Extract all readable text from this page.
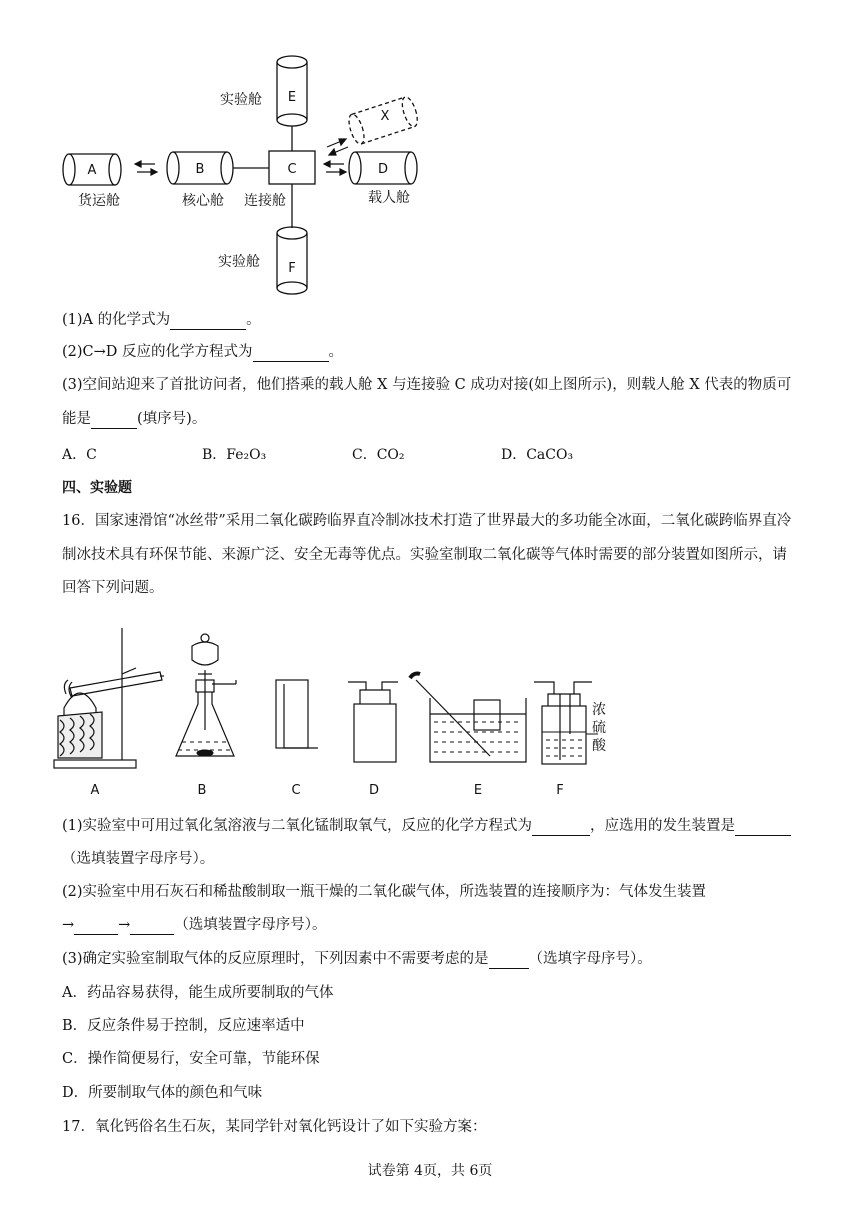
A	B	C	D
E
F
X
货运舱	核心舱 连接舱	载人舱
实验舱
实验舱
(1)A 的化学式为	。
(2)C→D 反应的化学方程式为	。
(3)空间站迎来了首批访问者，他们搭乘的载人舱 X 与连接验 C 成功对接(如上图所示)，则载人舱 X 代表的物质可
能是	(填序号)。
A．C	B．Fe₂O₃	C．CO₂	D．CaCO₃
四、实验题
16．国家速滑馆“冰丝带”采用二氧化碳跨临界直冷制冰技术打造了世界最大的多功能全冰面，二氧化碳跨临界直冷
制冰技术具有环保节能、来源广泛、安全无毒等优点。实验室制取二氧化碳等气体时需要的部分装置如图所示，请
回答下列问题。
A	B	C	D	E	F
浓
硫
酸
(1)实验室中可用过氧化氢溶液与二氧化锰制取氧气，反应的化学方程式为	，应选用的发生装置是
（选填装置字母序号）。
(2)实验室中用石灰石和稀盐酸制取一瓶干燥的二氧化碳气体，所选装置的连接顺序为：气体发生装置
→	→	（选填装置字母序号）。
(3)确定实验室制取气体的反应原理时，下列因素中不需要考虑的是	（选填字母序号）。
A．药品容易获得，能生成所要制取的气体
B．反应条件易于控制，反应速率适中
C．操作简便易行，安全可靠，节能环保
D．所要制取气体的颜色和气味
17．氧化钙俗名生石灰，某同学针对氧化钙设计了如下实验方案：
试卷第 4页，共 6页
